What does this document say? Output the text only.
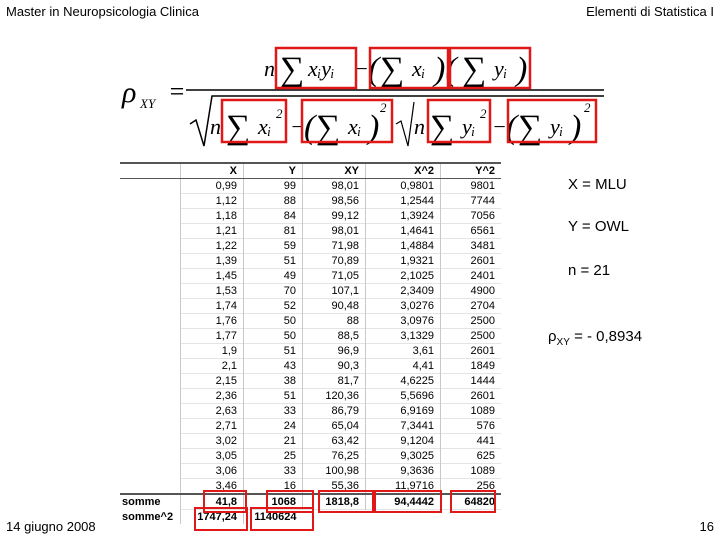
Master in Neuropsicologia Clinica	Elementi di Statistica I
ρ XY =
n ∑ xᵢyᵢ − ( ∑ xᵢ )( ∑ yᵢ )
n ∑ xᵢ
2
− ( ∑ xᵢ )
2
n ∑ yᵢ
2
− ( ∑ yᵢ )
2
	X	Y	XY	X^2	Y^2
	0,99	99	98,01	0,9801	9801
	1,12	88	98,56	1,2544	7744
	1,18	84	99,12	1,3924	7056
	1,21	81	98,01	1,4641	6561
	1,22	59	71,98	1,4884	3481
	1,39	51	70,89	1,9321	2601
	1,45	49	71,05	2,1025	2401
	1,53	70	107,1	2,3409	4900
	1,74	52	90,48	3,0276	2704
	1,76	50	88	3,0976	2500
	1,77	50	88,5	3,1329	2500
	1,9	51	96,9	3,61	2601
	2,1	43	90,3	4,41	1849
	2,15	38	81,7	4,6225	1444
	2,36	51	120,36	5,5696	2601
	2,63	33	86,79	6,9169	1089
	2,71	24	65,04	7,3441	576
	3,02	21	63,42	9,1204	441
	3,05	25	76,25	9,3025	625
	3,06	33	100,98	9,3636	1089
	3,46	16	55,36	11,9716	256
somme	41,8	1068	1818,8	94,4442	64820
somme^2	1747,24	1140624			
X = MLU
Y = OWL
n = 21
$\rho_{XY}$ = - 0,8934
14 giugno 2008	16
